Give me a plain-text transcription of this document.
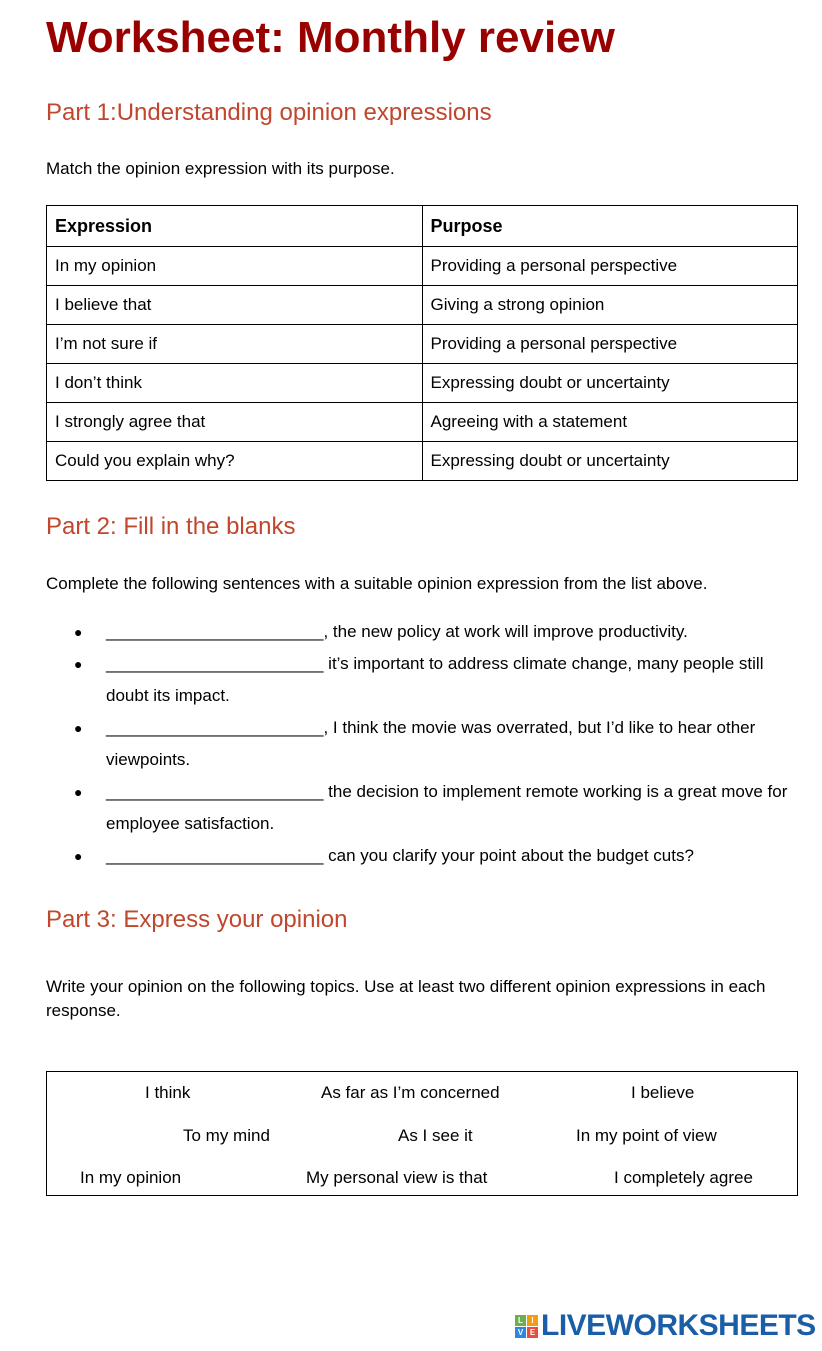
Worksheet: Monthly review
Part 1:Understanding opinion expressions

Match the opinion expression with its purpose.

Expression	Purpose
In my opinion	Providing a personal perspective
I believe that	Giving a strong opinion
I’m not sure if	Providing a personal perspective
I don’t think	Expressing doubt or uncertainty
I strongly agree that	Agreeing with a statement
Could you explain why?	Expressing doubt or uncertainty
Part 2: Fill in the blanks

Complete the following sentences with a suitable opinion expression from the list above.

● _______________________, the new policy at work will improve productivity.
● _______________________ it’s important to address climate change, many people still doubt its impact.
● _______________________, I think the movie was overrated, but I’d like to hear other viewpoints.
● _______________________ the decision to implement remote working is a great move for employee satisfaction.
● _______________________ can you clarify your point about the budget cuts?
Part 3: Express your opinion

Write your opinion on the following topics. Use at least two different opinion expressions in each response.

I think	As far as I’m concerned	I believe
To my mind	As I see it	In my point of view
In my opinion	My personal view is that	I completely agree
L	I
V E LIVEWORKSHEETS
